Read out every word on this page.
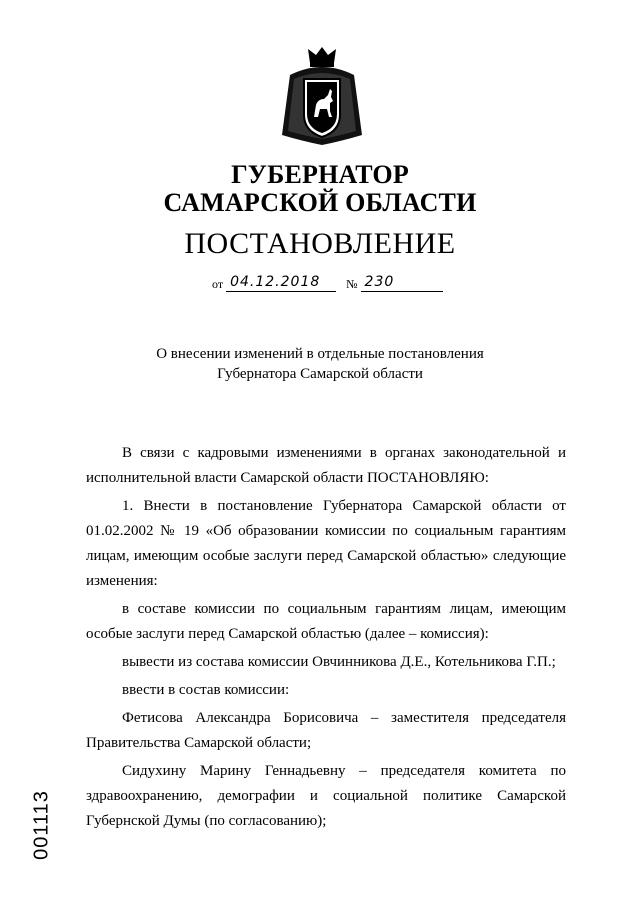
ГУБЕРНАТОР
САМАРСКОЙ ОБЛАСТИ
ПОСТАНОВЛЕНИЕ
от 04.12.2018	№ 230
О внесении изменений в отдельные постановления
Губернатора Самарской области

В связи с кадровыми изменениями в органах законодательной и исполнительной власти Самарской области ПОСТАНОВЛЯЮ:

1. Внести в постановление Губернатора Самарской области от 01.02.2002 № 19 «Об образовании комиссии по социальным гарантиям лицам, имеющим особые заслуги перед Самарской областью» следующие изменения:

в составе комиссии по социальным гарантиям лицам, имеющим особые заслуги перед Самарской областью (далее – комиссия):

вывести из состава комиссии Овчинникова Д.Е., Котельникова Г.П.;

ввести в состав комиссии:

Фетисова Александра Борисовича – заместителя председателя Правительства Самарской области;

Сидухину Марину Геннадьевну – председателя комитета по здравоохранению, демографии и социальной политике Самарской Губернской Думы (по согласованию);

001113
